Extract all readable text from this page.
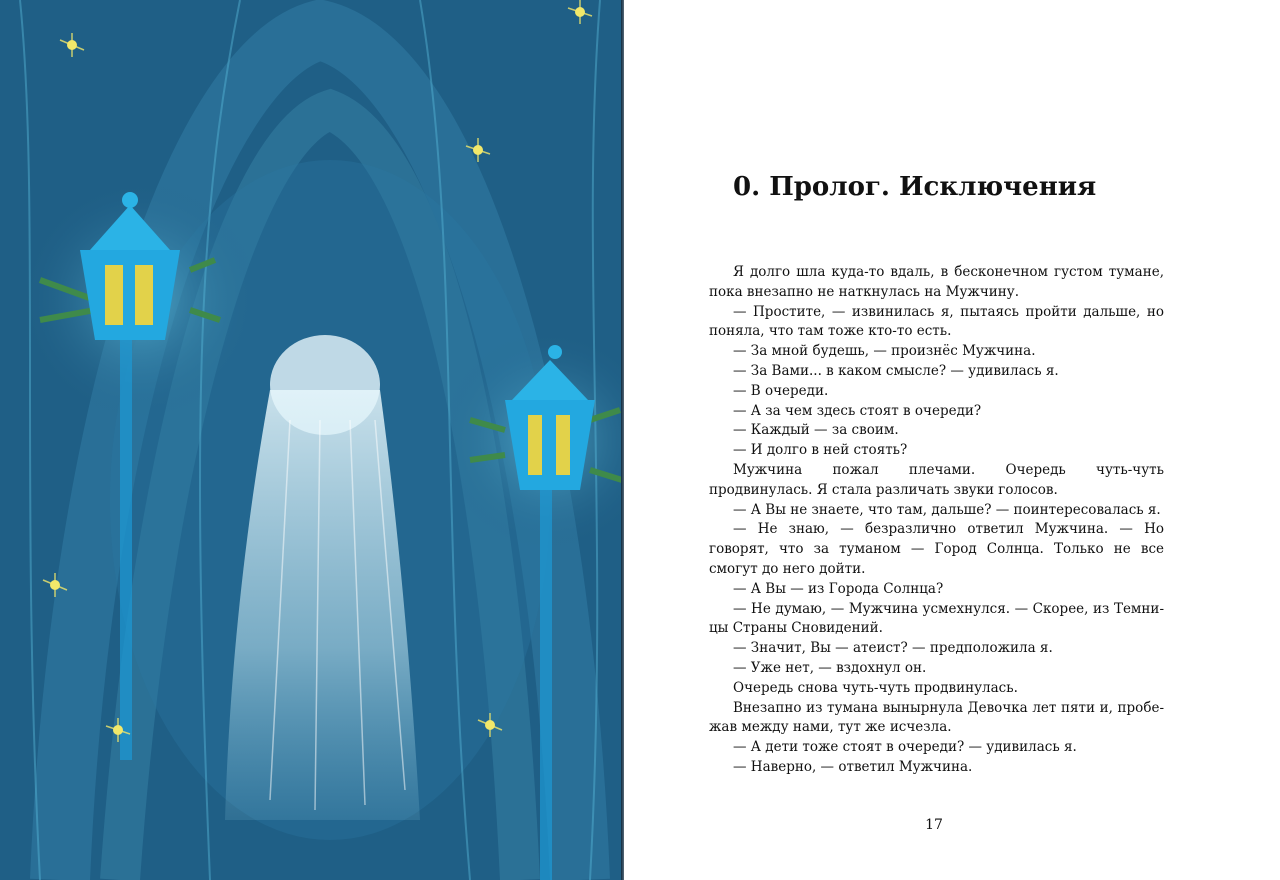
0. Пролог. Исключения

Я долго шла куда-то вдаль, в бесконечном густом тумане, пока внезапно не наткнулась на Мужчину.

— Простите, — извинилась я, пытаясь пройти дальше, но поняла, что там тоже кто-то есть.

— За мной будешь, — произнёс Мужчина.

— За Вами... в каком смысле? — удивилась я.

— В очереди.

— А за чем здесь стоят в очереди?

— Каждый — за своим.

— И долго в ней стоять?

Мужчина пожал плечами. Очередь чуть-чуть продвинулась. Я стала различать звуки голосов.

— А Вы не знаете, что там, дальше? — поинтересовалась я.

— Не знаю, — безразлично ответил Мужчина. — Но говорят, что за туманом — Город Солнца. Только не все смогут до него дойти.

— А Вы — из Города Солнца?

— Не думаю, — Мужчина усмехнулся. — Скорее, из Темницы Страны Сновидений.

— Значит, Вы — атеист? — предположила я.

— Уже нет, — вздохнул он.

Очередь снова чуть-чуть продвинулась.

Внезапно из тумана вынырнула Девочка лет пяти и, пробежав между нами, тут же исчезла.

— А дети тоже стоят в очереди? — удивилась я.

— Наверно, — ответил Мужчина.

17
